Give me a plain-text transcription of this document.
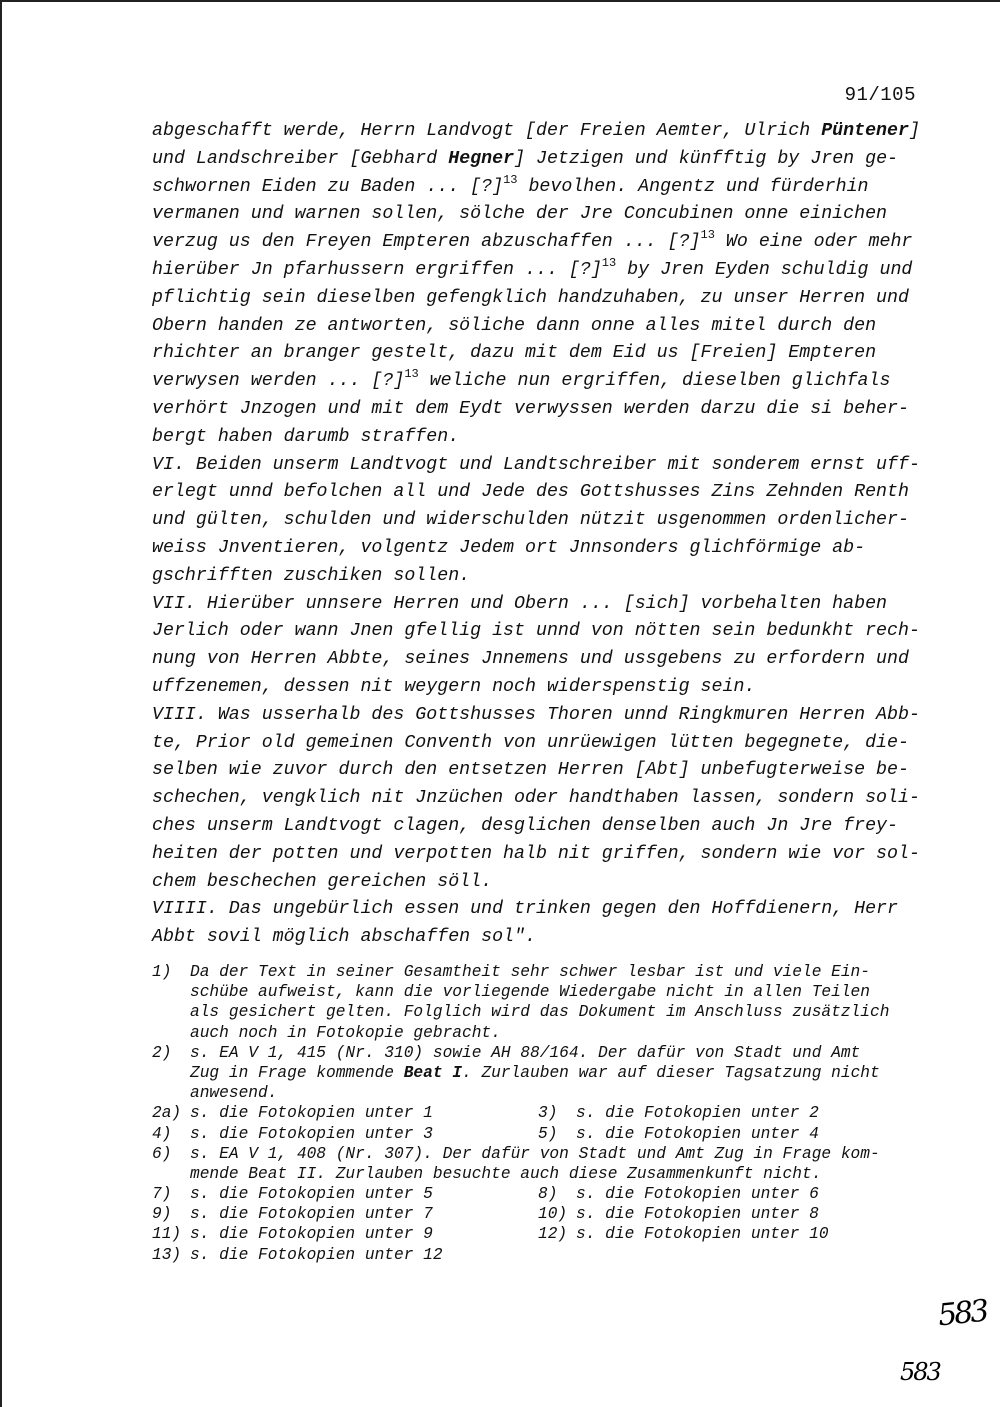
91/105
abgeschafft werde, Herrn Landvogt [der Freien Aemter, Ulrich Püntener]
und Landschreiber [Gebhard Hegner] Jetzigen und künfftig by Jren ge-
schwornen Eiden zu Baden ... [?]$^{13}$ bevolhen. Angentz und fürderhin
vermanen und warnen sollen, sölche der Jre Concubinen onne einichen
verzug us den Freyen Empteren abzuschaffen ... [?]$^{13}$ Wo eine oder mehr
hierüber Jn pfarhussern ergriffen ... [?]$^{13}$ by Jren Eyden schuldig und
pflichtig sein dieselben gefengklich handzuhaben, zu unser Herren und
Obern handen ze antworten, söliche dann onne alles mitel durch den
rhichter an branger gestelt, dazu mit dem Eid us [Freien] Empteren
verwysen werden ... [?]$^{13}$ weliche nun ergriffen, dieselben glichfals
verhört Jnzogen und mit dem Eydt verwyssen werden darzu die si beher-
bergt haben darumb straffen.
VI. Beiden unserm Landtvogt und Landtschreiber mit sonderem ernst uff-
erlegt unnd befolchen all und Jede des Gottshusses Zins Zehnden Renth
und gülten, schulden und widerschulden nützit usgenommen ordenlicher-
weiss Jnventieren, volgentz Jedem ort Jnnsonders glichförmige ab-
gschrifften zuschiken sollen.
VII. Hierüber unnsere Herren und Obern ... [sich] vorbehalten haben
Jerlich oder wann Jnen gfellig ist unnd von nötten sein bedunkht rech-
nung von Herren Abbte, seines Jnnemens und ussgebens zu erfordern und
uffzenemen, dessen nit weygern noch widerspenstig sein.
VIII. Was usserhalb des Gottshusses Thoren unnd Ringkmuren Herren Abb-
te, Prior old gemeinen Conventh von unrüewigen lütten begegnete, die-
selben wie zuvor durch den entsetzen Herren [Abt] unbefugterweise be-
schechen, vengklich nit Jnzüchen oder handthaben lassen, sondern soli-
ches unserm Landtvogt clagen, desglichen denselben auch Jn Jre frey-
heiten der potten und verpotten halb nit griffen, sondern wie vor sol-
chem beschechen gereichen söll.
VIIII. Das ungebürlich essen und trinken gegen den Hoffdienern, Herr
Abbt sovil möglich abschaffen sol".
1)	Da der Text in seiner Gesamtheit sehr schwer lesbar ist und viele Ein-
schübe aufweist, kann die vorliegende Wiedergabe nicht in allen Teilen
als gesichert gelten. Folglich wird das Dokument im Anschluss zusätzlich
auch noch in Fotokopie gebracht.
2)	s. EA V 1, 415 (Nr. 310) sowie AH 88/164. Der dafür von Stadt und Amt
Zug in Frage kommende Beat I. Zurlauben war auf dieser Tagsatzung nicht
anwesend.
2a) s. die Fotokopien unter 1	3) s. die Fotokopien unter 2
4) s. die Fotokopien unter 3	5) s. die Fotokopien unter 4
6)	s. EA V 1, 408 (Nr. 307). Der dafür von Stadt und Amt Zug in Frage kom-
mende Beat II. Zurlauben besuchte auch diese Zusammenkunft nicht.
7) s. die Fotokopien unter 5	8) s. die Fotokopien unter 6
9) s. die Fotokopien unter 7	10) s. die Fotokopien unter 8
11) s. die Fotokopien unter 9	12) s. die Fotokopien unter 10
13) s. die Fotokopien unter 12
583
583
